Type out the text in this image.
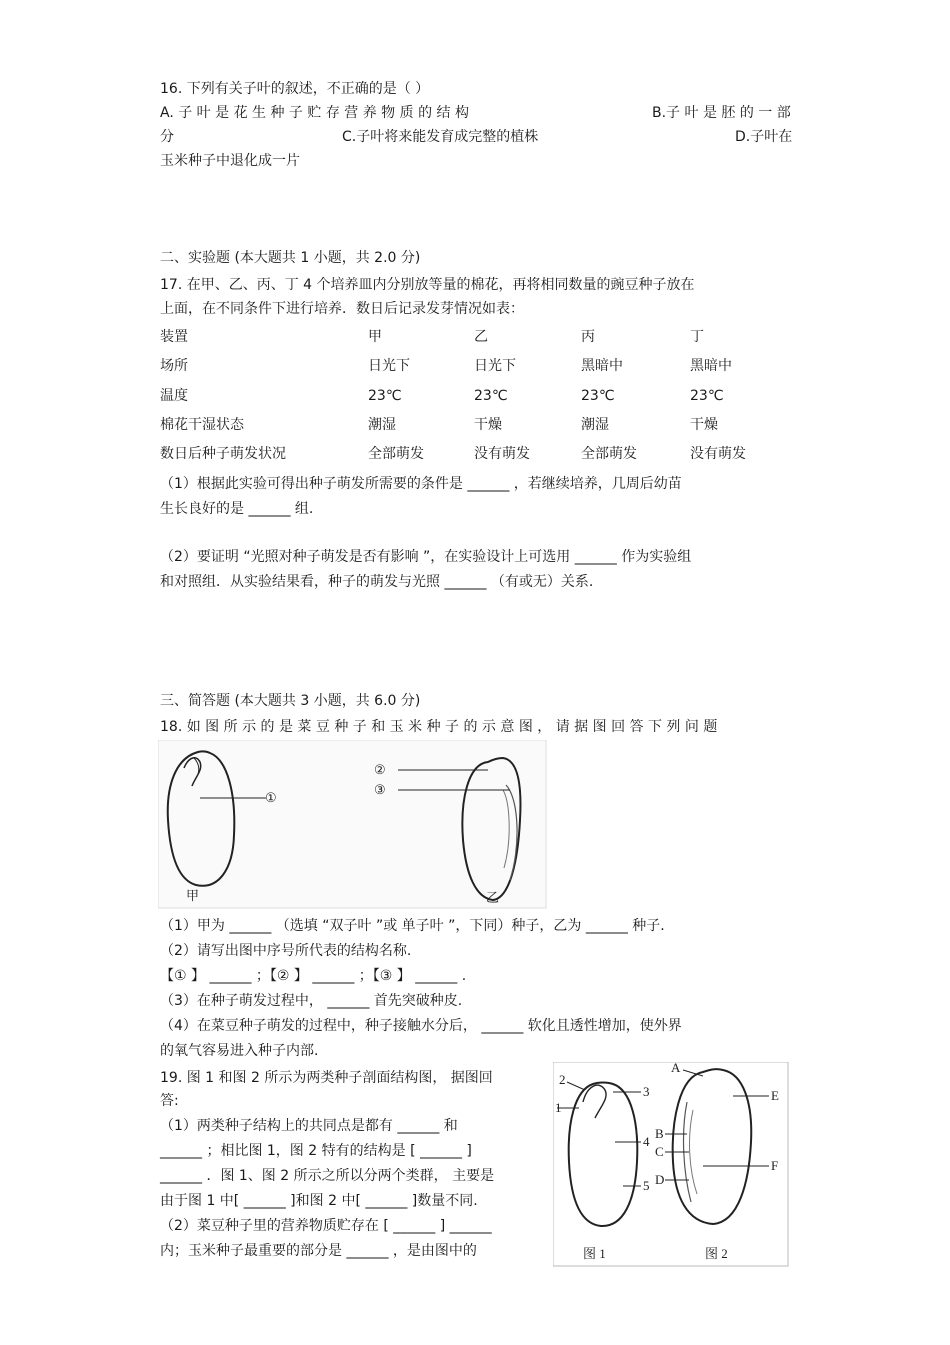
16. 下列有关子叶的叙述，不正确的是（ ）
A. 子 叶 是 花 生 种 子 贮 存 营 养 物 质 的 结 构	B.子 叶 是 胚 的 一 部
分	C.子叶将来能发育成完整的植株	D.子叶在
玉米种子中退化成一片
二、实验题 (本大题共 1 小题，共 2.0 分)
17. 在甲、乙、丙、丁 4 个培养皿内分别放等量的棉花，再将相同数量的豌豆种子放在
上面，在不同条件下进行培养．数日后记录发芽情况如表：
装置	甲	乙	丙	丁
场所	日光下	日光下	黑暗中	黑暗中
温度	23℃	23℃	23℃	23℃
棉花干湿状态	潮湿	干燥	潮湿	干燥
数日后种子萌发状况	全部萌发	没有萌发	全部萌发	没有萌发
（1）根据此实验可得出种子萌发所需要的条件是 ______ ，若继续培养，几周后幼苗
生长良好的是 ______ 组.
（2）要证明 “光照对种子萌发是否有影响 ”，在实验设计上可选用 ______ 作为实验组
和对照组．从实验结果看，种子的萌发与光照 ______ （有或无）关系.
三、简答题 (本大题共 3 小题，共 6.0 分)
18. 如 图 所 示 的 是 菜 豆 种 子 和 玉 米 种 子 的 示 意 图 ， 请 据 图 回 答 下 列 问 题
①
甲
②
③
乙
（1）甲为 ______ （选填 “双子叶 ”或 单子叶 ”，下同）种子，乙为 ______ 种子.
（2）请写出图中序号所代表的结构名称.
【① 】 ______ ；【② 】 ______ ；【③ 】 ______ .
（3）在种子萌发过程中， ______ 首先突破种皮.
（4）在菜豆种子萌发的过程中，种子接触水分后， ______ 软化且透性增加，使外界
的氧气容易进入种子内部.
19. 图 1 和图 2 所示为两类种子剖面结构图， 据图回
答:
（1）两类种子结构上的共同点是都有 ______ 和
______ ；相比图 1，图 2 特有的结构是 [ ______ ]
______ ．图 1、图 2 所示之所以分两个类群， 主要是
由于图 1 中[ ______ ]和图 2 中[ ______ ]数量不同.
（2）菜豆种子里的营养物质贮存在 [ ______ ] ______
内；玉米种子最重要的部分是 ______ ，是由图中的
2
3
1
4
5
A
B
C
D
E
F
图 1	图 2
